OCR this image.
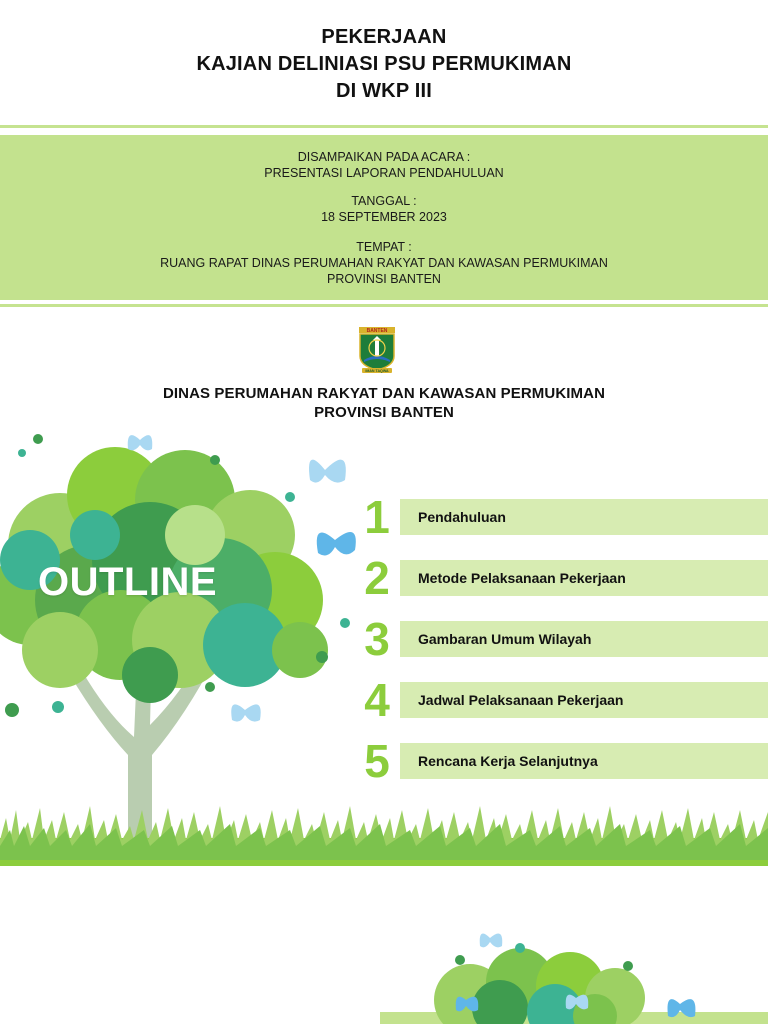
PEKERJAAN
KAJIAN DELINIASI PSU PERMUKIMAN
DI WKP III
DISAMPAIKAN PADA ACARA :
PRESENTASI LAPORAN PENDAHULUAN
TANGGAL :
18 SEPTEMBER 2023
TEMPAT :
RUANG RAPAT DINAS PERUMAHAN RAKYAT DAN KAWASAN PERMUKIMAN
PROVINSI BANTEN
BANTEN
IMAN TAQWA
DINAS PERUMAHAN RAKYAT DAN KAWASAN PERMUKIMAN
PROVINSI BANTEN
OUTLINE
1	Pendahuluan
2	Metode Pelaksanaan Pekerjaan
3	Gambaran Umum Wilayah
4	Jadwal Pelaksanaan Pekerjaan
5	Rencana Kerja Selanjutnya
